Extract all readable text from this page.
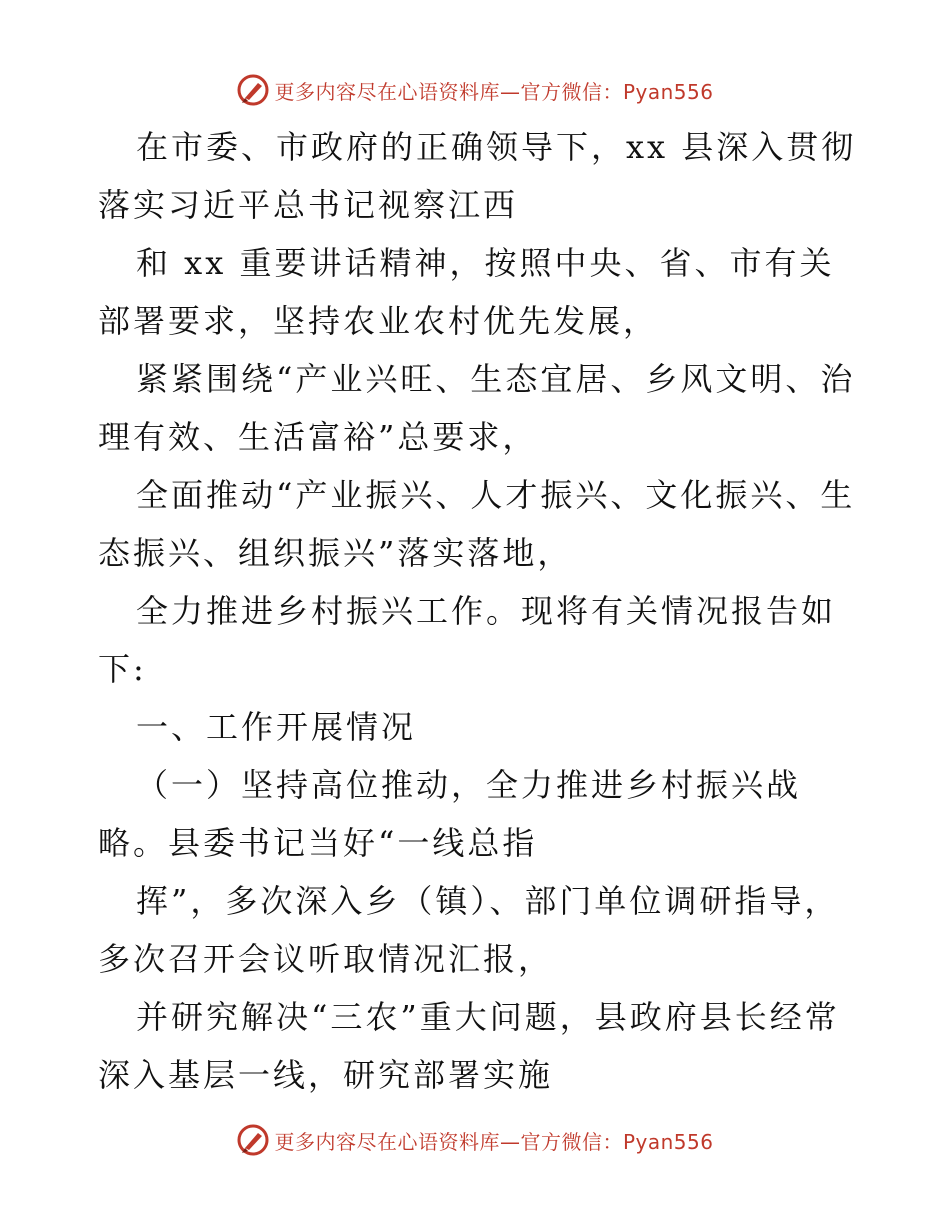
更多内容尽在心语资料库—官方微信：Pyan556

在市委、市政府的正确领导下，xx 县深入贯彻落实习近平总书记视察江西

和 xx 重要讲话精神，按照中央、省、市有关部署要求，坚持农业农村优先发展，

紧紧围绕“产业兴旺、生态宜居、乡风文明、治理有效、生活富裕”总要求，

全面推动“产业振兴、人才振兴、文化振兴、生态振兴、组织振兴”落实落地，

全力推进乡村振兴工作。现将有关情况报告如下:

一、工作开展情况

（一）坚持高位推动，全力推进乡村振兴战略。县委书记当好“一线总指

挥”，多次深入乡（镇）、部门单位调研指导，多次召开会议听取情况汇报，

并研究解决“三农”重大问题，县政府县长经常深入基层一线，研究部署实施

更多内容尽在心语资料库—官方微信：Pyan556
